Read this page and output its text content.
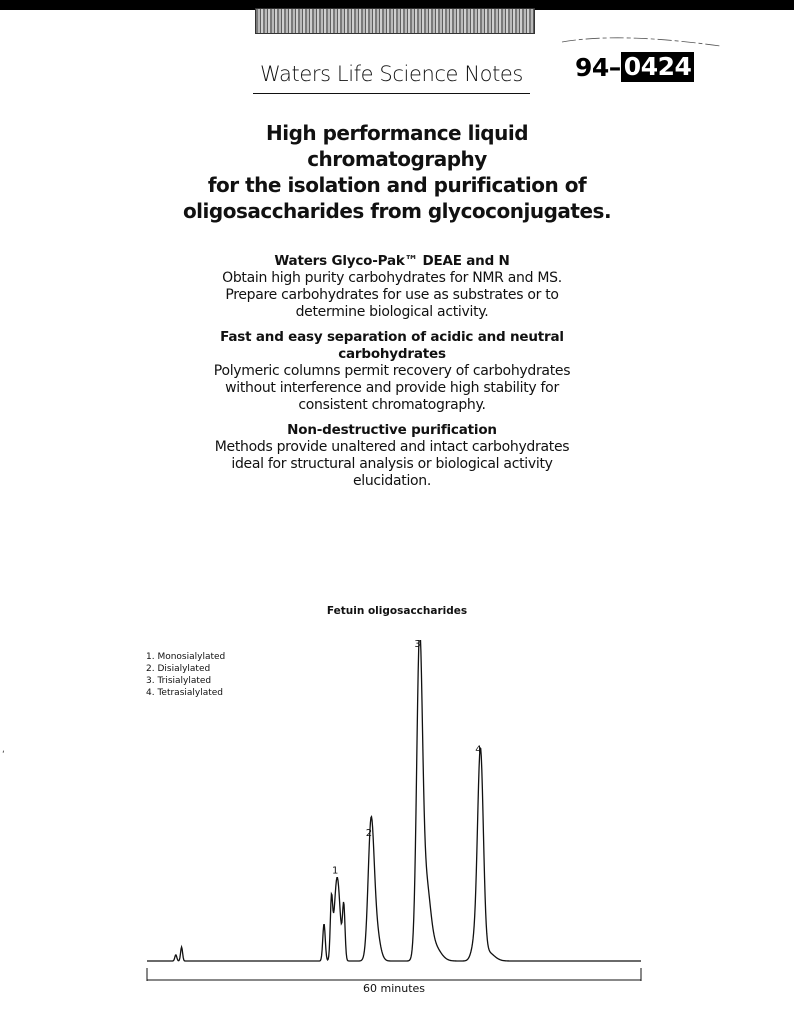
Waters Life Science Notes 94– 0424
High performance liquid
chromatography
for the isolation and purification of
oligosaccharides from glycoconjugates.
Waters Glyco-Pak™ DEAE and N
Obtain high purity carbohydrates for NMR and MS.
Prepare carbohydrates for use as substrates or to
determine biological activity.
Fast and easy separation of acidic and neutral
carbohydrates
Polymeric columns permit recovery of carbohydrates
without interference and provide high stability for
consistent chromatography.
Non-destructive purification
Methods provide unaltered and intact carbohydrates
ideal for structural analysis or biological activity
elucidation.
Fetuin oligosaccharides
1. Monosialylated
2. Disialylated
3. Trisialylated
4. Tetrasialylated
1
2
3
4
60 minutes
‘
